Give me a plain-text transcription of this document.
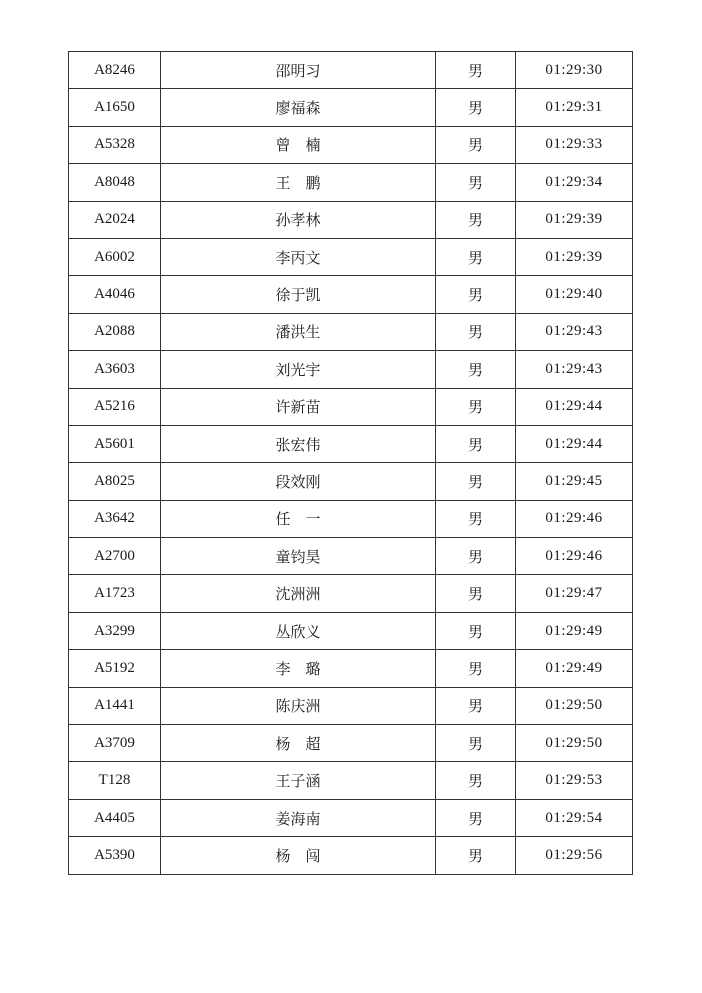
A8246	邵明习	男	01:29:30
A1650	廖福森	男	01:29:31
A5328	曾　楠	男	01:29:33
A8048	王　鹏	男	01:29:34
A2024	孙孝林	男	01:29:39
A6002	李丙文	男	01:29:39
A4046	徐于凯	男	01:29:40
A2088	潘洪生	男	01:29:43
A3603	刘光宇	男	01:29:43
A5216	许新苗	男	01:29:44
A5601	张宏伟	男	01:29:44
A8025	段效刚	男	01:29:45
A3642	任　一	男	01:29:46
A2700	童钧昊	男	01:29:46
A1723	沈洲洲	男	01:29:47
A3299	丛欣义	男	01:29:49
A5192	李　璐	男	01:29:49
A1441	陈庆洲	男	01:29:50
A3709	杨　超	男	01:29:50
T128	王子涵	男	01:29:53
A4405	姜海南	男	01:29:54
A5390	杨　闯	男	01:29:56
